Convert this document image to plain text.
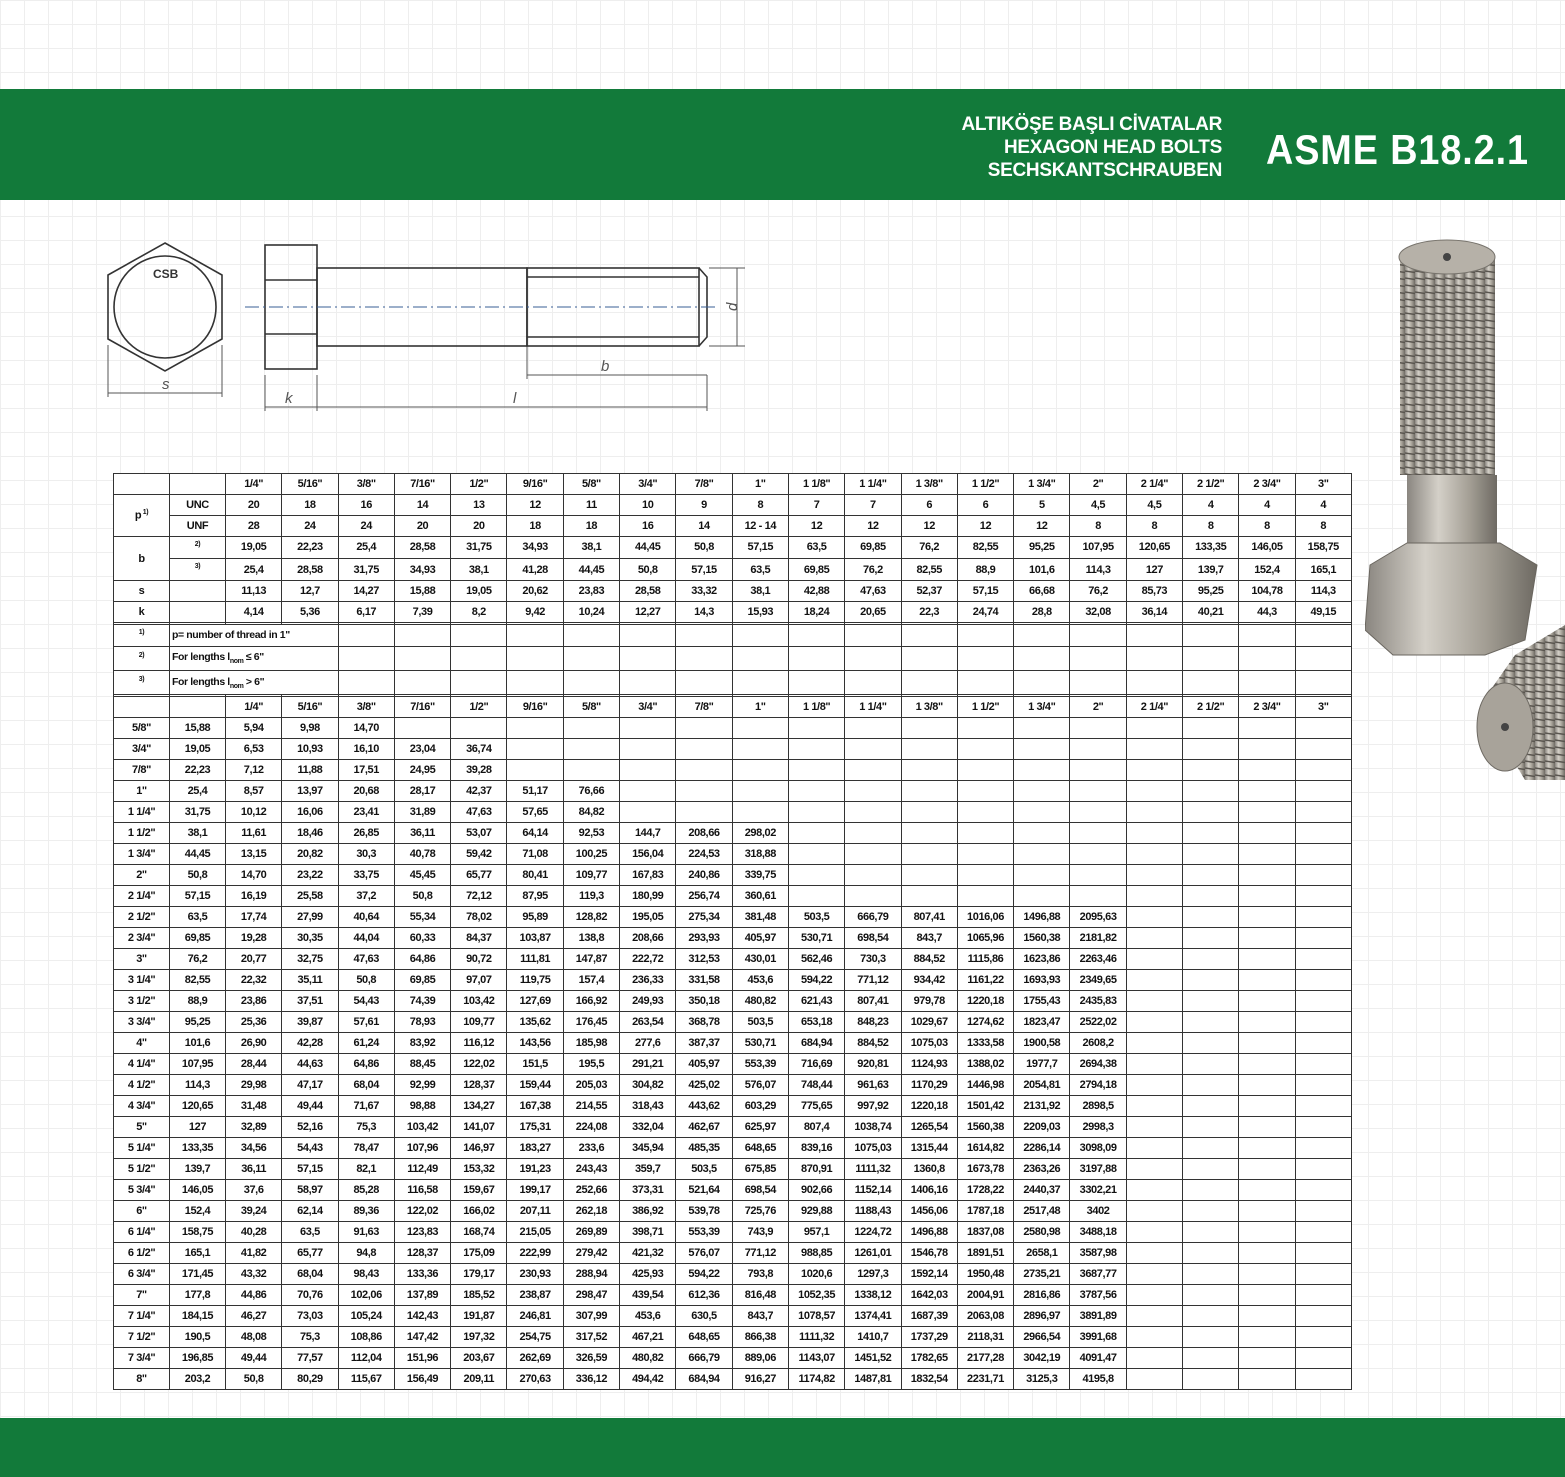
ALTIKÖŞE BAŞLI CİVATALAR
HEXAGON HEAD BOLTS
SECHSKANTSCHRAUBEN ASME B18.2.1
CSB
s
k	l
b
d
		1/4"	5/16"	3/8"	7/16"	1/2"	9/16"	5/8"	3/4"	7/8"	1"	1 1/8"	1 1/4"	1 3/8"	1 1/2"	1 3/4"	2"	2 1/4"	2 1/2"	2 3/4"	3"
p $^{1)}$	UNC	20	18	16	14	13	12	11	10	9	8	7	7	6	6	5	4,5	4,5	4	4	4
	UNF	28	24	24	20	20	18	18	16	14	12 - 14	12	12	12	12	12	8	8	8	8	8
b	$^{2)}$	19,05	22,23	25,4	28,58	31,75	34,93	38,1	44,45	50,8	57,15	63,5	69,85	76,2	82,55	95,25	107,95	120,65	133,35	146,05	158,75
	$^{3)}$	25,4	28,58	31,75	34,93	38,1	41,28	44,45	50,8	57,15	63,5	69,85	76,2	82,55	88,9	101,6	114,3	127	139,7	152,4	165,1
s		11,13	12,7	14,27	15,88	19,05	20,62	23,83	28,58	33,32	38,1	42,88	47,63	52,37	57,15	66,68	76,2	85,73	95,25	104,78	114,3
k		4,14	5,36	6,17	7,39	8,2	9,42	10,24	12,27	14,3	15,93	18,24	20,65	22,3	24,74	28,8	32,08	36,14	40,21	44,3	49,15

$^{1)}$	p= number of thread in 1"																				
$^{2)}$	For lengths $l_{nom} \le 6$"																				
$^{3)}$	For lengths $l_{nom} > 6$"																				

		1/4"	5/16"	3/8"	7/16"	1/2"	9/16"	5/8"	3/4"	7/8"	1"	1 1/8"	1 1/4"	1 3/8"	1 1/2"	1 3/4"	2"	2 1/4"	2 1/2"	2 3/4"	3"
5/8"	15,88	5,94	9,98	14,70																	
3/4"	19,05	6,53	10,93	16,10	23,04	36,74															
7/8"	22,23	7,12	11,88	17,51	24,95	39,28															
1"	25,4	8,57	13,97	20,68	28,17	42,37	51,17	76,66													
1 1/4"	31,75	10,12	16,06	23,41	31,89	47,63	57,65	84,82													
1 1/2"	38,1	11,61	18,46	26,85	36,11	53,07	64,14	92,53	144,7	208,66	298,02										
1 3/4"	44,45	13,15	20,82	30,3	40,78	59,42	71,08	100,25	156,04	224,53	318,88										
2"	50,8	14,70	23,22	33,75	45,45	65,77	80,41	109,77	167,83	240,86	339,75										
2 1/4"	57,15	16,19	25,58	37,2	50,8	72,12	87,95	119,3	180,99	256,74	360,61										
2 1/2"	63,5	17,74	27,99	40,64	55,34	78,02	95,89	128,82	195,05	275,34	381,48	503,5	666,79	807,41	1016,06	1496,88	2095,63				
2 3/4"	69,85	19,28	30,35	44,04	60,33	84,37	103,87	138,8	208,66	293,93	405,97	530,71	698,54	843,7	1065,96	1560,38	2181,82				
3"	76,2	20,77	32,75	47,63	64,86	90,72	111,81	147,87	222,72	312,53	430,01	562,46	730,3	884,52	1115,86	1623,86	2263,46				
3 1/4"	82,55	22,32	35,11	50,8	69,85	97,07	119,75	157,4	236,33	331,58	453,6	594,22	771,12	934,42	1161,22	1693,93	2349,65				
3 1/2"	88,9	23,86	37,51	54,43	74,39	103,42	127,69	166,92	249,93	350,18	480,82	621,43	807,41	979,78	1220,18	1755,43	2435,83				
3 3/4"	95,25	25,36	39,87	57,61	78,93	109,77	135,62	176,45	263,54	368,78	503,5	653,18	848,23	1029,67	1274,62	1823,47	2522,02				
4"	101,6	26,90	42,28	61,24	83,92	116,12	143,56	185,98	277,6	387,37	530,71	684,94	884,52	1075,03	1333,58	1900,58	2608,2				
4 1/4"	107,95	28,44	44,63	64,86	88,45	122,02	151,5	195,5	291,21	405,97	553,39	716,69	920,81	1124,93	1388,02	1977,7	2694,38				
4 1/2"	114,3	29,98	47,17	68,04	92,99	128,37	159,44	205,03	304,82	425,02	576,07	748,44	961,63	1170,29	1446,98	2054,81	2794,18				
4 3/4"	120,65	31,48	49,44	71,67	98,88	134,27	167,38	214,55	318,43	443,62	603,29	775,65	997,92	1220,18	1501,42	2131,92	2898,5				
5"	127	32,89	52,16	75,3	103,42	141,07	175,31	224,08	332,04	462,67	625,97	807,4	1038,74	1265,54	1560,38	2209,03	2998,3				
5 1/4"	133,35	34,56	54,43	78,47	107,96	146,97	183,27	233,6	345,94	485,35	648,65	839,16	1075,03	1315,44	1614,82	2286,14	3098,09				
5 1/2"	139,7	36,11	57,15	82,1	112,49	153,32	191,23	243,43	359,7	503,5	675,85	870,91	1111,32	1360,8	1673,78	2363,26	3197,88				
5 3/4"	146,05	37,6	58,97	85,28	116,58	159,67	199,17	252,66	373,31	521,64	698,54	902,66	1152,14	1406,16	1728,22	2440,37	3302,21				
6"	152,4	39,24	62,14	89,36	122,02	166,02	207,11	262,18	386,92	539,78	725,76	929,88	1188,43	1456,06	1787,18	2517,48	3402				
6 1/4"	158,75	40,28	63,5	91,63	123,83	168,74	215,05	269,89	398,71	553,39	743,9	957,1	1224,72	1496,88	1837,08	2580,98	3488,18				
6 1/2"	165,1	41,82	65,77	94,8	128,37	175,09	222,99	279,42	421,32	576,07	771,12	988,85	1261,01	1546,78	1891,51	2658,1	3587,98				
6 3/4"	171,45	43,32	68,04	98,43	133,36	179,17	230,93	288,94	425,93	594,22	793,8	1020,6	1297,3	1592,14	1950,48	2735,21	3687,77				
7"	177,8	44,86	70,76	102,06	137,89	185,52	238,87	298,47	439,54	612,36	816,48	1052,35	1338,12	1642,03	2004,91	2816,86	3787,56				
7 1/4"	184,15	46,27	73,03	105,24	142,43	191,87	246,81	307,99	453,6	630,5	843,7	1078,57	1374,41	1687,39	2063,08	2896,97	3891,89				
7 1/2"	190,5	48,08	75,3	108,86	147,42	197,32	254,75	317,52	467,21	648,65	866,38	1111,32	1410,7	1737,29	2118,31	2966,54	3991,68				
7 3/4"	196,85	49,44	77,57	112,04	151,96	203,67	262,69	326,59	480,82	666,79	889,06	1143,07	1451,52	1782,65	2177,28	3042,19	4091,47				
8"	203,2	50,8	80,29	115,67	156,49	209,11	270,63	336,12	494,42	684,94	916,27	1174,82	1487,81	1832,54	2231,71	3125,3	4195,8				
